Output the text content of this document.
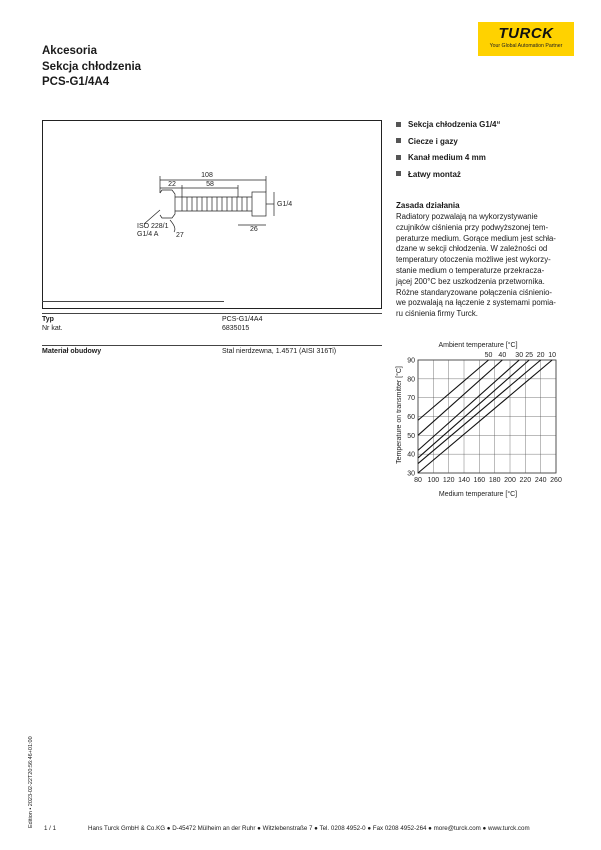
Akcesoria
Sekcja chłodzenia
PCS-G1/4A4
TURCK
Your Global Automation Partner
108
22	58
G1/4
ISO 228/1
G1/4 A	27
26
Sekcja chłodzenia G1/4“
Ciecze i gazy
Kanał medium 4 mm
Łatwy montaż
Zasada działania
Radiatory pozwalają na wykorzystywanie
czujników ciśnienia przy podwyższonej tem-
peraturze medium. Gorące medium jest schła-
dzane w sekcji chłodzenia. W zależności od
temperatury otoczenia możliwe jest wykorzy-
stanie medium o temperaturze przekracza-
jącej 200°C bez uszkodzenia przetwornika.
Różne standaryzowane połączenia ciśnienio-
we pozwalają na łączenie z systemami pomia-
ru ciśnienia firmy Turck.
Typ	PCS-G1/4A4
Nr kat.	6835015
Materiał obudowy	Stal nierdzewna, 1.4571 (AISI 316Ti)
Ambient temperature [°C]
Medium temperature [°C]
Temperature on transmitter [°C]
80 100 120 140 160 180 200 220 240 260
30
40
50
60
70
80
90
10
20
25
30
40
50
Edition • 2023-02-22T20:56:46+01:00
1 / 1	Hans Turck GmbH & Co.KG ● D-45472 Mülheim an der Ruhr ● Witzlebenstraße 7 ● Tel. 0208 4952-0 ● Fax 0208 4952-264 ● more@turck.com ● www.turck.com
